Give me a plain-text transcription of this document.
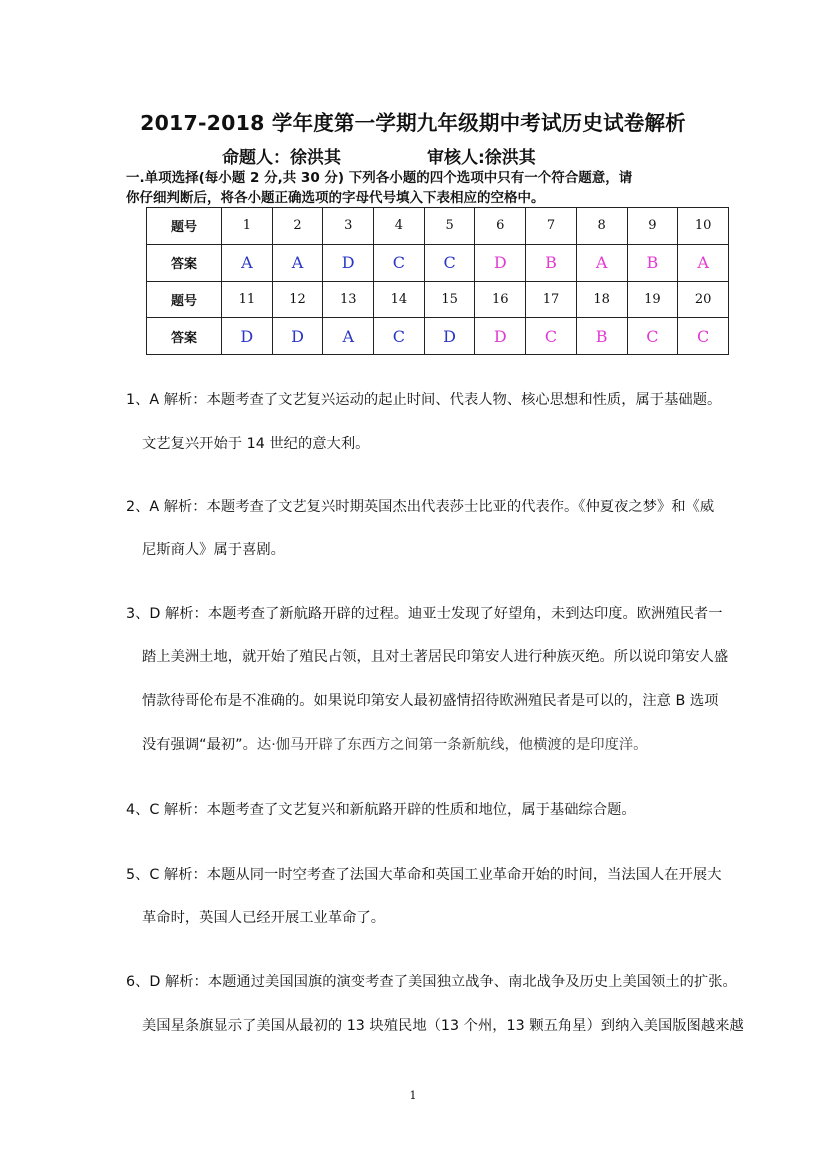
2017-2018 学年度第一学期九年级期中考试历史试卷解析
命题人：徐洪其	审核人:徐洪其
一.单项选择(每小题 2 分,共 30 分) 下列各小题的四个选项中只有一个符合题意，请
你仔细判断后，将各小题正确选项的字母代号填入下表相应的空格中。
题号	1	2	3	4	5	6	7	8	9	10
答案	A	A	D	C	C	D	B	A	B	A
题号	11	12	13	14	15	16	17	18	19	20
答案	D	D	A	C	D	D	C	B	C	C
1、A 解析：本题考查了文艺复兴运动的起止时间、代表人物、核心思想和性质，属于基础题。
文艺复兴开始于 14 世纪的意大利。
2、A 解析：本题考查了文艺复兴时期英国杰出代表莎士比亚的代表作。《仲夏夜之梦》和《威
尼斯商人》属于喜剧。
3、D 解析：本题考查了新航路开辟的过程。迪亚士发现了好望角，未到达印度。欧洲殖民者一
踏上美洲土地，就开始了殖民占领，且对土著居民印第安人进行种族灭绝。所以说印第安人盛
情款待哥伦布是不准确的。如果说印第安人最初盛情招待欧洲殖民者是可以的，注意 B 选项
没有强调“最初”。达·伽马开辟了东西方之间第一条新航线，他横渡的是印度洋。
4、C 解析：本题考查了文艺复兴和新航路开辟的性质和地位，属于基础综合题。
5、C 解析：本题从同一时空考查了法国大革命和英国工业革命开始的时间，当法国人在开展大
革命时，英国人已经开展工业革命了。
6、D 解析：本题通过美国国旗的演变考查了美国独立战争、南北战争及历史上美国领土的扩张。
美国星条旗显示了美国从最初的 13 块殖民地（13 个州，13 颗五角星）到纳入美国版图越来越
1
